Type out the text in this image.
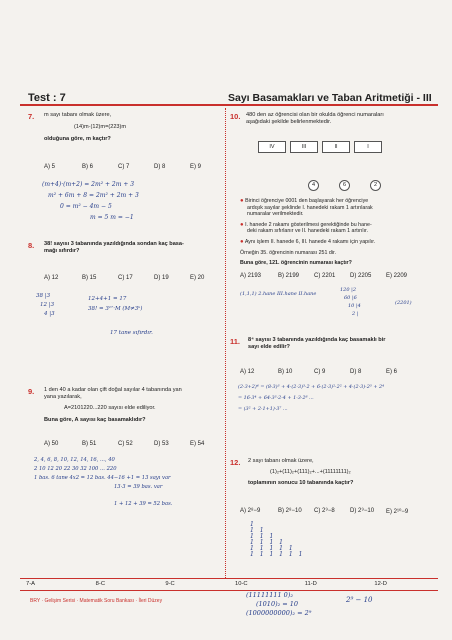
Test : 7	Sayı Basamakları ve Taban Aritmetiği - III
7. m sayı tabanı olmak üzere,
(14)m·(12)m=(223)m
olduğuna göre, m kaçtır?
A) 5	B) 6	C) 7	D) 8	E) 9
(m+4)·(m+2) = 2m² + 2m + 3
m² + 6m + 8 = 2m² + 2m + 3
0 = m² − 4m − 5
m = 5 m = −1
8. 38! sayısı 3 tabanında yazıldığında sondan kaç basa-
mağı sıfırdır?
A) 12	B) 15	C) 17	D) 19	E) 20
38 |3
12 |3
4 |3
12+4+1 = 17
38! = 3¹⁷·M (M≠3ᵏ)
17 tane sıfırdır.
9. 1 den 40 a kadar olan çift doğal sayılar 4 tabanında yan
yana yazılarak,
A=2101220...220 sayısı elde ediliyor.
Buna göre, A sayısı kaç basamaklıdır?
A) 50	B) 51	C) 52	D) 53	E) 54
2, 4, 6, 8, 10, 12, 14, 16, ..., 40
2 10 12 20 22 30 32 100 ... 220
1 bas. 6 tane 4x2 = 12 bas. 44−16 +1 = 13 sayı var
13·3 = 39 bas. var
1 + 12 + 39 = 52 bas.
10. 480 den az öğrencisi olan bir okulda öğrenci numaraları
aşağıdaki şekilde belirlenmektedir.
IV	III	II	I
4	6	2
● Birinci öğrenciye 0001 den başlayarak her öğrenciye
ardışık sayılar şeklinde I. hanedeki rakam 1 artırılarak
numaralar verilmektedir.
● I. hanede 2 rakamı gösterilmesi gerektiğinde bu hane-
deki rakam sıfırlanır ve II. hanedeki rakam 1 artırılır.
● Aynı işlem II. hanede 6, III. hanede 4 rakamı için yapılır.
Örneğin 35. öğrencinin numarası 251 dir.
Buna göre, 121. öğrencinin numarası kaçtır?
A) 2193	B) 2199	C) 2201	D) 2205	E) 2209
(1,1,1) 2.hane III.hane II.hane
120 |2
60 |6
10 |4
2 |
(2201)
11. 8⁴ sayısı 3 tabanında yazıldığında kaç basamaklı bir
sayı elde edilir?
A) 12	B) 10	C) 9	D) 8	E) 6
(2·3+2)⁴ = (8·3)³ + 4·(2·3)³·2 + 6·(2·3)²·2² + 4·(2·3)·2³ + 2⁴
= 16·3⁴ + 64·3³·2·4 + 1·3·2⁸ ...
= (3² + 2·1+1)·3⁷ ...
12. 2 sayı tabanı olmak üzere,
(1)₂+(11)₂+(111)₂+...+(11111111)₂
toplamının sonucu 10 tabanında kaçtır?
A) 2⁸−9	B) 2⁸−10	C) 2⁹−8	D) 2⁹−10	E) 2¹⁰−9
1
1 1
1 1 1
1 1 1 1
1 1 1 1 1
1 1 1 1 1 1
7-A	8-C	9-C	10-C	11-D	12-D
(11111111 0)₂
(1010)₂ = 10
(1000000000)₂ = 2⁹
2⁹ − 10
BRY · Gelişim Serisi · Matematik Soru Bankası · İleri Düzey
